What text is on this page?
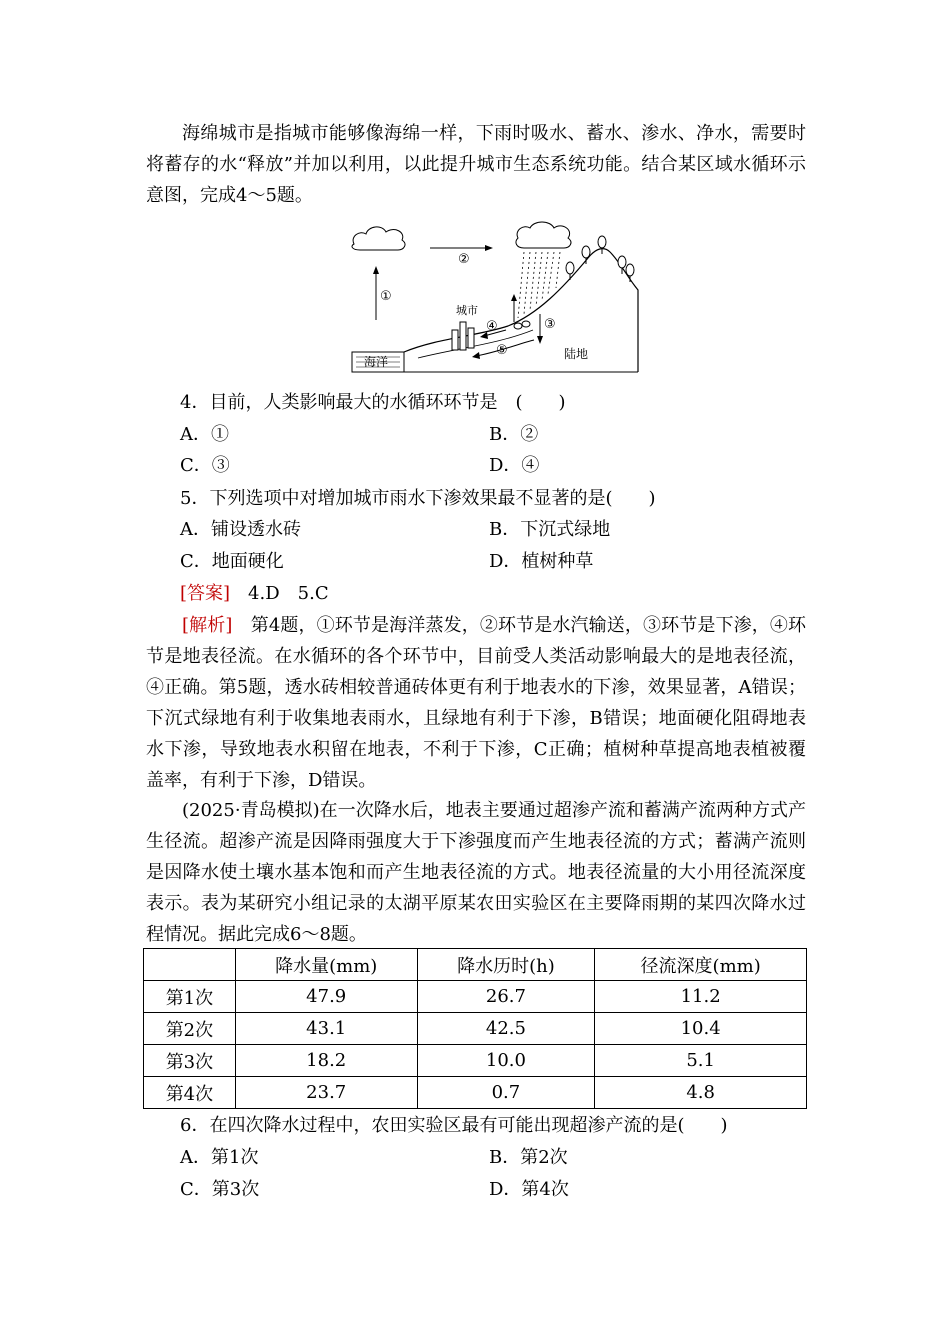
海绵城市是指城市能够像海绵一样，下雨时吸水、蓄水、渗水、净水，需要时将蓄存的水“释放”并加以利用，以此提升城市生态系统功能。结合某区域水循环示意图，完成4～5题。
海洋
①
②
城市
④	③
⑤	陆地
4．目前，人类影响最大的水循环环节是　(　　)
A．①	B．②
C．③	D．④
5．下列选项中对增加城市雨水下渗效果最不显著的是(　　)
A．铺设透水砖	B．下沉式绿地
C．地面硬化	D．植树种草
[答案]　 4.D　5.C
[解析]　 第4题，①环节是海洋蒸发，②环节是水汽输送，③环节是下渗，④环节是地表径流。在水循环的各个环节中，目前受人类活动影响最大的是地表径流，④正确。第5题，透水砖相较普通砖体更有利于地表水的下渗，效果显著，A错误；下沉式绿地有利于收集地表雨水，且绿地有利于下渗，B错误；地面硬化阻碍地表水下渗，导致地表水积留在地表，不利于下渗，C正确；植树种草提高地表植被覆盖率，有利于下渗，D错误。
(2025·青岛模拟)在一次降水后，地表主要通过超渗产流和蓄满产流两种方式产生径流。超渗产流是因降雨强度大于下渗强度而产生地表径流的方式；蓄满产流则是因降水使土壤水基本饱和而产生地表径流的方式。地表径流量的大小用径流深度表示。表为某研究小组记录的太湖平原某农田实验区在主要降雨期的某四次降水过程情况。据此完成6～8题。
	降水量(mm)	降水历时(h)	径流深度(mm)
第1次	47.9	26.7	11.2
第2次	43.1	42.5	10.4
第3次	18.2	10.0	5.1
第4次	23.7	0.7	4.8
6．在四次降水过程中，农田实验区最有可能出现超渗产流的是(　　)
A．第1次	B．第2次
C．第3次	D．第4次
